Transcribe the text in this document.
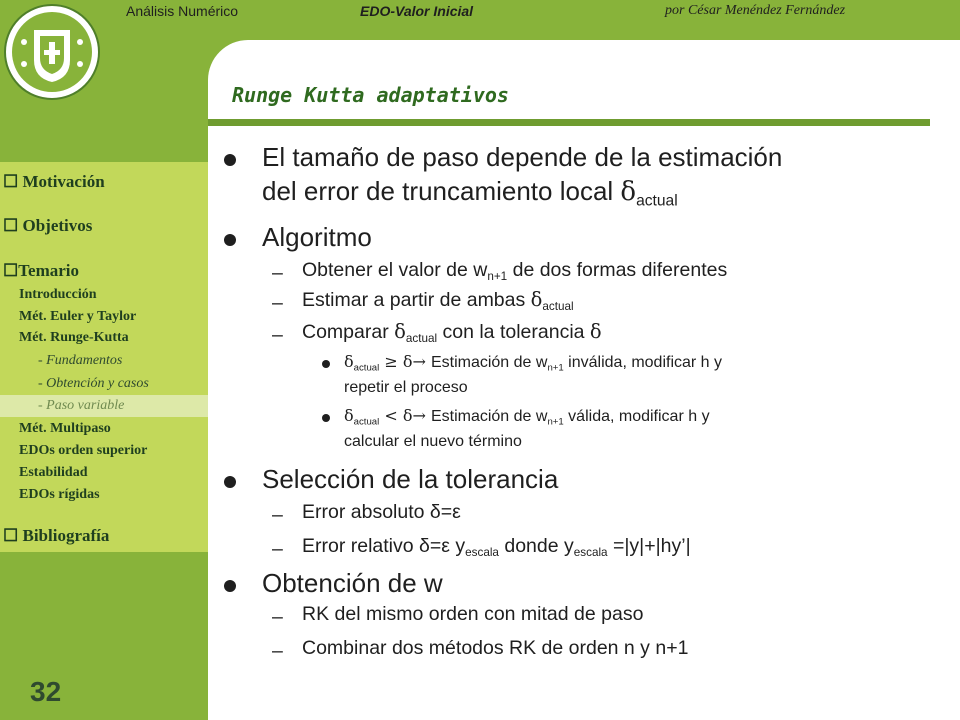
Análisis Numérico	EDO-Valor Inicial	por César Menéndez Fernández
Runge Kutta adaptativos
☐ Motivación
☐ Objetivos
☐Temario
Introducción
Mét. Euler y Taylor
Mét. Runge-Kutta
- Fundamentos
- Obtención y casos
- Paso variable
Mét. Multipaso
EDOs orden superior
Estabilidad
EDOs rígidas
☐ Bibliografía
32
El tamaño de paso depende de la estimación
del error de truncamiento local $\delta_{actual}$
Algoritmo
– Obtener el valor de $w_{n+1}$ de dos formas diferentes
– Estimar a partir de ambas $\delta_{actual}$
– Comparar $\delta_{actual}$ con la tolerancia δ
$\delta_{actual} \ge \delta\to$ Estimación de $w_{n+1}$ inválida, modificar h y
repetir el proceso
$\delta_{actual} < \delta\to$ Estimación de $w_{n+1}$ válida, modificar h y
calcular el nuevo término
Selección de la tolerancia
– Error absoluto δ=ε
– Error relativo δ=ε $y_{escala}$ donde $y_{escala}$ =|y|+|hy’|
Obtención de w
– RK del mismo orden con mitad de paso
– Combinar dos métodos RK de orden n y n+1
